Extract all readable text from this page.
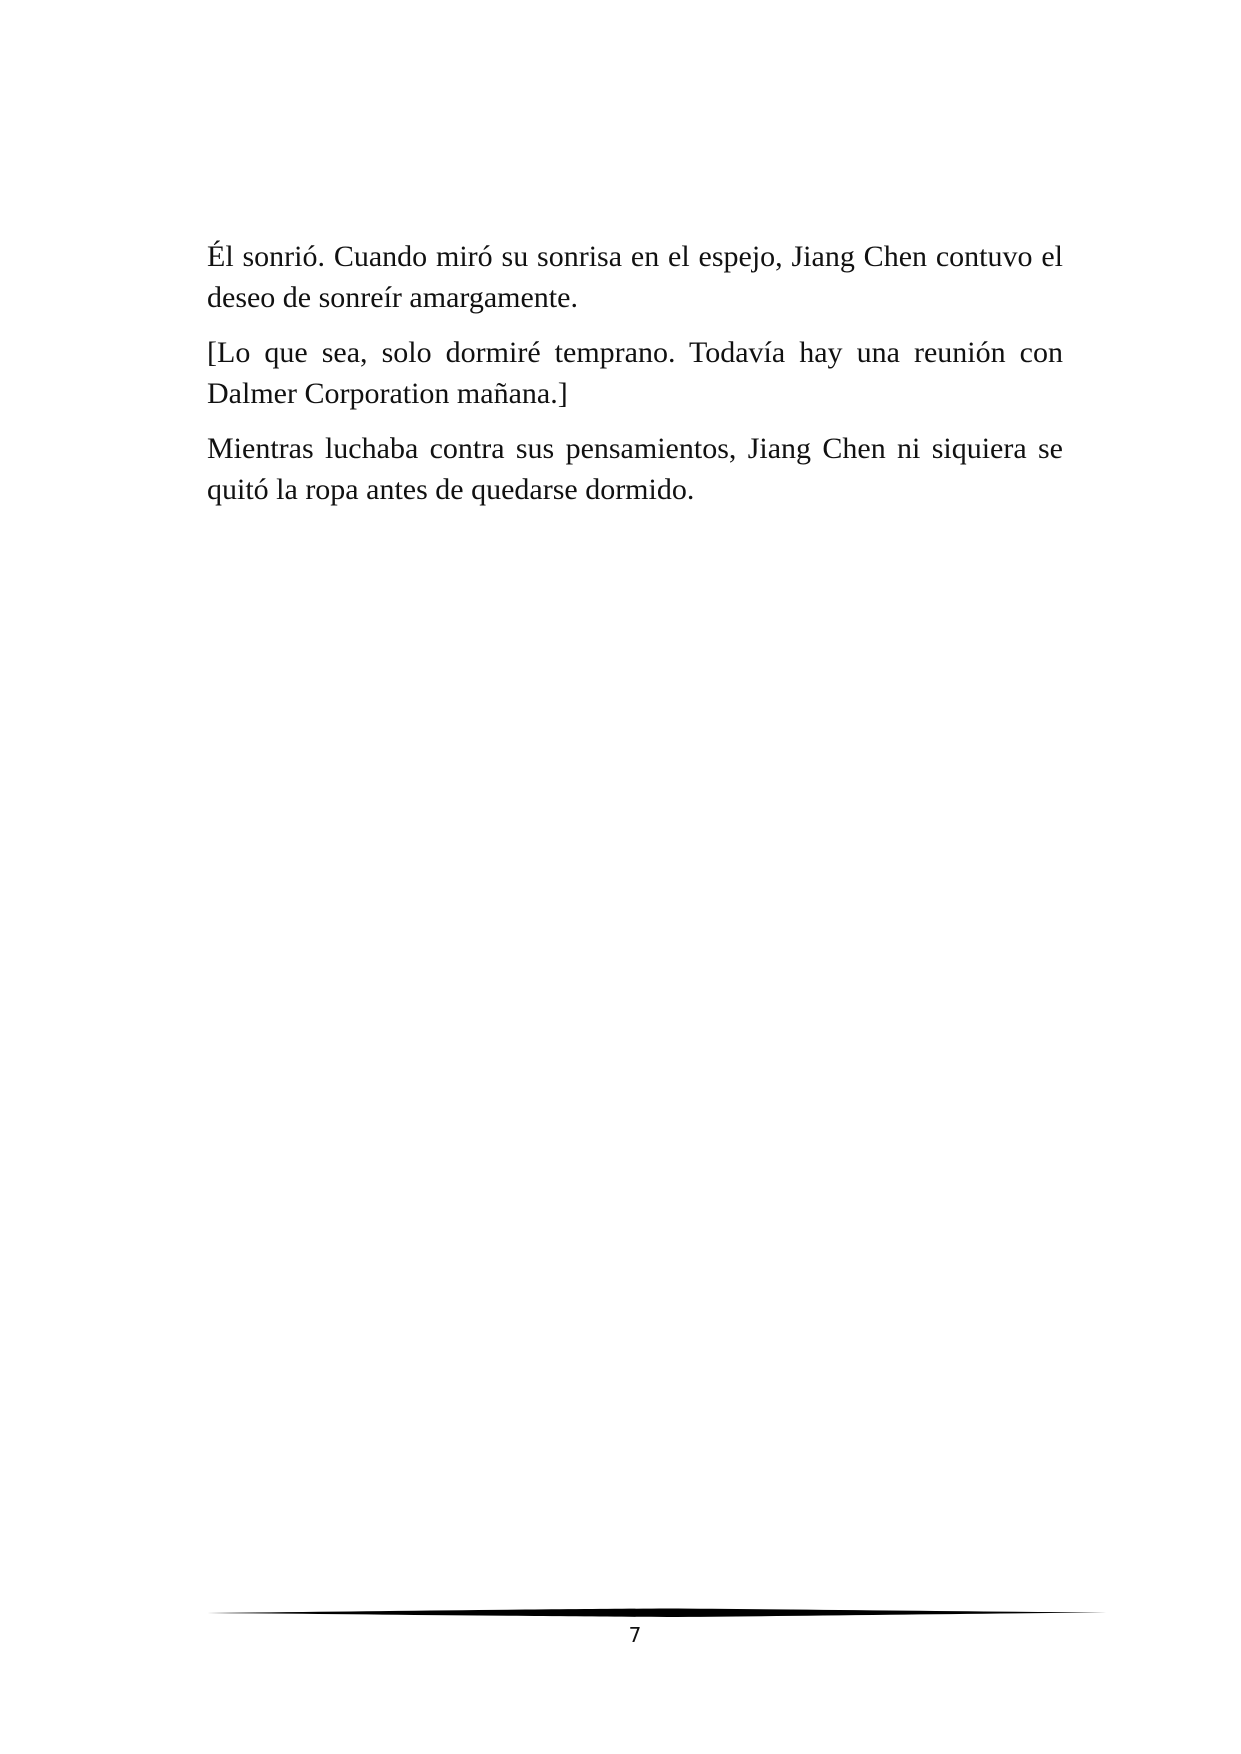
Él sonrió. Cuando miró su sonrisa en el espejo, Jiang Chen contuvo el deseo de sonreír amargamente.

[Lo que sea, solo dormiré temprano. Todavía hay una reunión con Dalmer Corporation mañana.]

Mientras luchaba contra sus pensamientos, Jiang Chen ni siquiera se quitó la ropa antes de quedarse dormido.

7
